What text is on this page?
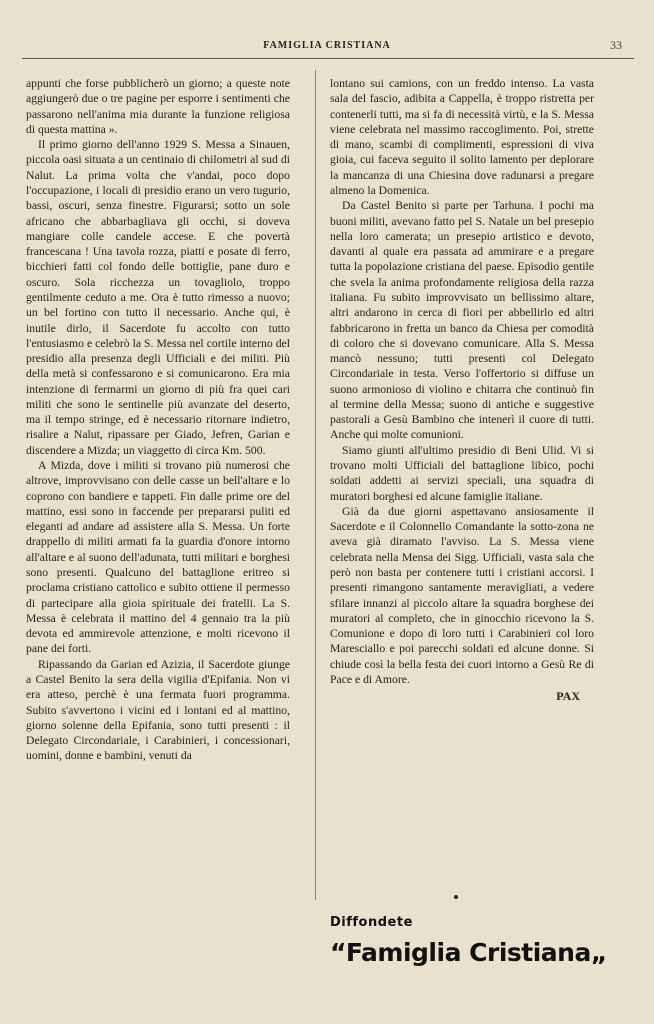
FAMIGLIA CRISTIANA	33

appunti che forse pubblicherò un giorno; a queste note aggiungerò due o tre pagine per esporre i sentimenti che passarono nell'anima mia durante la funzione religiosa di questa mattina ».

Il primo giorno dell'anno 1929 S. Messa a Sinauen, piccola oasi situata a un centinaio di chilometri al sud di Nalut. La prima volta che v'andai, poco dopo l'occupazione, i locali di presidio erano un vero tugurio, bassi, oscuri, senza finestre. Figurarsi; sotto un sole africano che abbarbagliava gli occhi, si doveva mangiare colle candele accese. E che povertà francescana ! Una tavola rozza, piatti e posate di ferro, bicchieri fatti col fondo delle bottiglie, pane duro e oscuro. Sola ricchezza un tovagliolo, troppo gentilmente ceduto a me. Ora è tutto rimesso a nuovo; un bel fortino con tutto il necessario. Anche qui, è inutile dirlo, il Sacerdote fu accolto con tutto l'entusiasmo e celebrò la S. Messa nel cortile interno del presidio alla presenza degli Ufficiali e dei militi. Più della metà si confessarono e si comunicarono. Era mia intenzione di fermarmi un giorno di più fra quei cari militi che sono le sentinelle più avanzate del deserto, ma il tempo stringe, ed è necessario ritornare indietro, risalire a Nalut, ripassare per Giado, Jefren, Garian e discendere a Mizda; un viaggetto di circa Km. 500.

A Mizda, dove i militi si trovano più numerosi che altrove, improvvisano con delle casse un bell'altare e lo coprono con bandiere e tappeti. Fin dalle prime ore del mattino, essi sono in faccende per prepararsi puliti ed eleganti ad andare ad assistere alla S. Messa. Un forte drappello di militi armati fa la guardia d'onore intorno all'altare e al suono dell'adunata, tutti militari e borghesi sono presenti. Qualcuno del battaglione eritreo si proclama cristiano cattolico e subito ottiene il permesso di partecipare alla gioia spirituale dei fratelli. La S. Messa è celebrata il mattino del 4 gennaio tra la più devota ed ammirevole attenzione, e molti ricevono il pane dei forti.

Ripassando da Garian ed Azizia, il Sacerdote giunge a Castel Benito la sera della vigilia d'Epifania. Non vi era atteso, perchè è una fermata fuori programma. Subito s'avvertono i vicini ed i lontani ed al mattino, giorno solenne della Epifania, sono tutti presenti : il Delegato Circondariale, i Carabinieri, i concessionari, uomini, donne e bambini, venuti da

lontano sui camions, con un freddo intenso. La vasta sala del fascio, adibita a Cappella, è troppo ristretta per contenerli tutti, ma si fa di necessità virtù, e la S. Messa viene celebrata nel massimo raccoglimento. Poi, strette di mano, scambi di complimenti, espressioni di viva gioia, cui faceva seguito il solito lamento per deplorare la mancanza di una Chiesina dove radunarsi a pregare almeno la Domenica.

Da Castel Benito si parte per Tarhuna. I pochi ma buoni militi, avevano fatto pel S. Natale un bel presepio nella loro camerata; un presepio artistico e devoto, davanti al quale era passata ad ammirare e a pregare tutta la popolazione cristiana del paese. Episodio gentile che svela la anima profondamente religiosa della razza italiana. Fu subito improvvisato un bellissimo altare, altri andarono in cerca di fiori per abbellirlo ed altri fabbricarono in fretta un banco da Chiesa per comodità di coloro che si dovevano comunicare. Alla S. Messa mancò nessuno; tutti presenti col Delegato Circondariale in testa. Verso l'offertorio si diffuse un suono armonioso di violino e chitarra che continuò fin al termine della Messa; suono di antiche e suggestive pastorali a Gesù Bambino che intenerì il cuore di tutti. Anche qui molte comunioni.

Siamo giunti all'ultimo presidio di Beni Ulid. Vi si trovano molti Ufficiali del battaglione libico, pochi soldati addetti ai servizi speciali, una squadra di muratori borghesi ed alcune famiglie italiane.

Già da due giorni aspettavano ansiosamente il Sacerdote e il Colonnello Comandante la sotto-zona ne aveva già diramato l'avviso. La S. Messa viene celebrata nella Mensa dei Sigg. Ufficiali, vasta sala che però non basta per contenere tutti i cristiani accorsi. I presenti rimangono santamente meravigliati, a vedere sfilare innanzi al piccolo altare la squadra borghese dei muratori al completo, che in ginocchio ricevono la S. Comunione e dopo di loro tutti i Carabinieri col loro Maresciallo e poi parecchi soldati ed alcune donne. Si chiude così la bella festa dei cuori intorno a Gesù Re di Pace e di Amore.

PAX
Diffondete
“Famiglia Cristiana„
